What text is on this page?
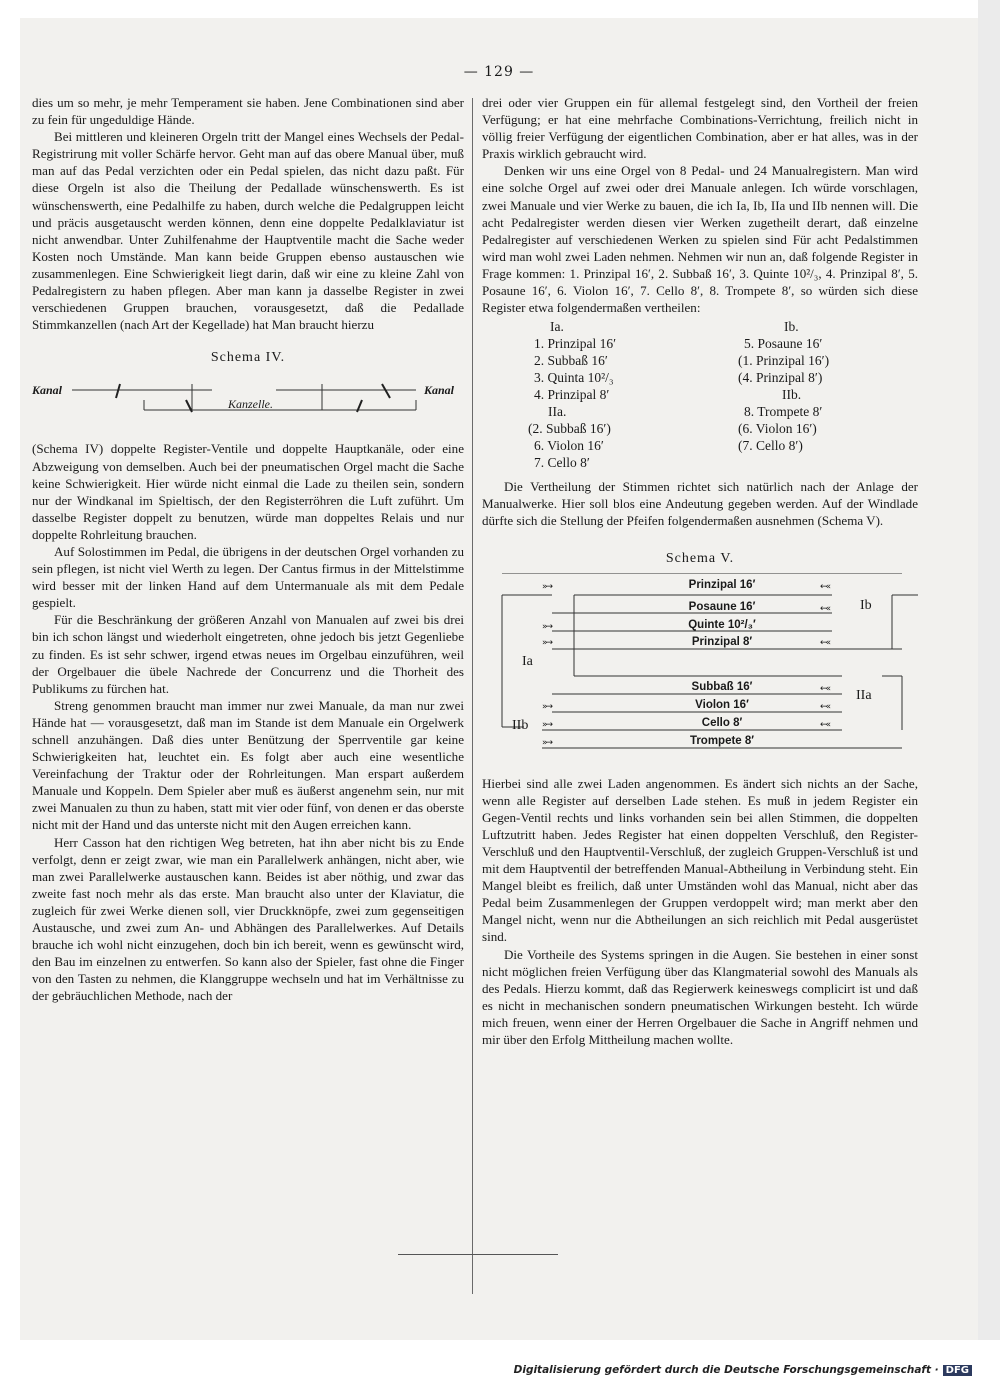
— 129 —

dies um so mehr, je mehr Temperament sie haben. Jene Combinationen sind aber zu fein für ungeduldige Hände.

Bei mittleren und kleineren Orgeln tritt der Mangel eines Wechsels der Pedal-Registrirung mit voller Schärfe hervor. Geht man auf das obere Manual über, muß man auf das Pedal verzichten oder ein Pedal spielen, das nicht dazu paßt. Für diese Orgeln ist also die Theilung der Pedallade wünschenswerth. Es ist wünschenswerth, eine Pedalhilfe zu haben, durch welche die Pedalgruppen leicht und präcis ausgetauscht werden können, denn eine doppelte Pedalklaviatur ist nicht anwendbar. Unter Zuhilfenahme der Hauptventile macht die Sache weder Kosten noch Umstände. Man kann beide Gruppen ebenso austauschen wie zusammenlegen. Eine Schwierigkeit liegt darin, daß wir eine zu kleine Zahl von Pedalregistern zu haben pflegen. Aber man kann ja dasselbe Register in zwei verschiedenen Gruppen brauchen, vorausgesetzt, daß die Pedallade Stimmkanzellen (nach Art der Kegellade) hat Man braucht hierzu

Schema IV.
Kanal	Kanal
Kanzelle.

(Schema IV) doppelte Register-Ventile und doppelte Hauptkanäle, oder eine Abzweigung von demselben. Auch bei der pneumatischen Orgel macht die Sache keine Schwierigkeit. Hier würde nicht einmal die Lade zu theilen sein, sondern nur der Windkanal im Spieltisch, der den Registerröhren die Luft zuführt. Um dasselbe Register doppelt zu benutzen, würde man doppeltes Relais und nur doppelte Rohrleitung brauchen.

Auf Solostimmen im Pedal, die übrigens in der deutschen Orgel vorhanden zu sein pflegen, ist nicht viel Werth zu legen. Der Cantus firmus in der Mittelstimme wird besser mit der linken Hand auf dem Untermanuale als mit dem Pedale gespielt.

Für die Beschränkung der größeren Anzahl von Manualen auf zwei bis drei bin ich schon längst und wiederholt eingetreten, ohne jedoch bis jetzt Gegenliebe zu finden. Es ist sehr schwer, irgend etwas neues im Orgelbau einzuführen, weil der Orgelbauer die übele Nachrede der Concurrenz und die Thorheit des Publikums zu fürchen hat.

Streng genommen braucht man immer nur zwei Manuale, da man nur zwei Hände hat — vorausgesetzt, daß man im Stande ist dem Manuale ein Orgelwerk schnell anzuhängen. Daß dies unter Benützung der Sperrventile gar keine Schwierigkeiten hat, leuchtet ein. Es folgt aber auch eine wesentliche Vereinfachung der Traktur oder der Rohrleitungen. Man erspart außerdem Manuale und Koppeln. Dem Spieler aber muß es äußerst angenehm sein, nur mit zwei Manualen zu thun zu haben, statt mit vier oder fünf, von denen er das oberste nicht mit der Hand und das unterste nicht mit den Augen erreichen kann.

Herr Casson hat den richtigen Weg betreten, hat ihn aber nicht bis zu Ende verfolgt, denn er zeigt zwar, wie man ein Parallelwerk anhängen, nicht aber, wie man zwei Parallelwerke austauschen kann. Beides ist aber nöthig, und zwar das zweite fast noch mehr als das erste. Man braucht also unter der Klaviatur, die zugleich für zwei Werke dienen soll, vier Druckknöpfe, zwei zum gegenseitigen Austausche, und zwei zum An- und Abhängen des Parallelwerkes. Auf Details brauche ich wohl nicht einzugehen, doch bin ich bereit, wenn es gewünscht wird, den Bau im einzelnen zu entwerfen. So kann also der Spieler, fast ohne die Finger von den Tasten zu nehmen, die Klanggruppe wechseln und hat im Verhältnisse zu der gebräuchlichen Methode, nach der

drei oder vier Gruppen ein für allemal festgelegt sind, den Vortheil der freien Verfügung; er hat eine mehrfache Combinations-Verrichtung, freilich nicht in völlig freier Verfügung der eigentlichen Combination, aber er hat alles, was in der Praxis wirklich gebraucht wird.

Denken wir uns eine Orgel von 8 Pedal- und 24 Manualregistern. Man wird eine solche Orgel auf zwei oder drei Manuale anlegen. Ich würde vorschlagen, zwei Manuale und vier Werke zu bauen, die ich Ia, Ib, IIa und IIb nennen will. Die acht Pedalregister werden diesen vier Werken zugetheilt derart, daß einzelne Pedalregister auf verschiedenen Werken zu spielen sind Für acht Pedalstimmen wird man wohl zwei Laden nehmen. Nehmen wir nun an, daß folgende Register in Frage kommen: 1. Prinzipal 16′, 2. Subbaß 16′, 3. Quinte 10²/₃, 4. Prinzipal 8′, 5. Posaune 16′, 6. Violon 16′, 7. Cello 8′, 8. Trompete 8′, so würden sich diese Register etwa folgendermaßen vertheilen:

Ia.
1. Prinzipal 16′
2. Subbaß 16′
3. Quinta 10²/₃
4. Prinzipal 8′
IIa.
(2. Subbaß 16′)
6. Violon 16′
7. Cello 8′
Ib.
5. Posaune 16′
(1. Prinzipal 16′)
(4. Prinzipal 8′)
IIb.
8. Trompete 8′
(6. Violon 16′)
(7. Cello 8′)

Die Vertheilung der Stimmen richtet sich natürlich nach der Anlage der Manualwerke. Hier soll blos eine Andeutung gegeben werden. Auf der Windlade dürfte sich die Stellung der Pfeifen folgendermaßen ausnehmen (Schema V).

Schema V.
Prinzipal 16′
Posaune 16′
Quinte 10²/₃′
Prinzipal 8′
Subbaß 16′
Violon 16′
Cello 8′
Trompete 8′
»→
»→
»→
»→
»→
»→
←«
←«
←«
←«
←«
←«
Ia
Ib
IIa
IIb

Hierbei sind alle zwei Laden angenommen. Es ändert sich nichts an der Sache, wenn alle Register auf derselben Lade stehen. Es muß in jedem Register ein Gegen-Ventil rechts und links vorhanden sein bei allen Stimmen, die doppelten Luftzutritt haben. Jedes Register hat einen doppelten Verschluß, den Register-Verschluß und den Hauptventil-Verschluß, der zugleich Gruppen-Verschluß ist und mit dem Hauptventil der betreffenden Manual-Abtheilung in Verbindung steht. Ein Mangel bleibt es freilich, daß unter Umständen wohl das Manual, nicht aber das Pedal beim Zusammenlegen der Gruppen verdoppelt wird; man merkt aber den Mangel nicht, wenn nur die Abtheilungen an sich reichlich mit Pedal ausgerüstet sind.

Die Vortheile des Systems springen in die Augen. Sie bestehen in einer sonst nicht möglichen freien Verfügung über das Klangmaterial sowohl des Manuals als des Pedals. Hierzu kommt, daß das Regierwerk keineswegs complicirt ist und daß es nicht in mechanischen sondern pneumatischen Wirkungen besteht. Ich würde mich freuen, wenn einer der Herren Orgelbauer die Sache in Angriff nehmen und mir über den Erfolg Mittheilung machen wollte.

Digitalisierung gefördert durch die Deutsche Forschungsgemeinschaft · DFG
